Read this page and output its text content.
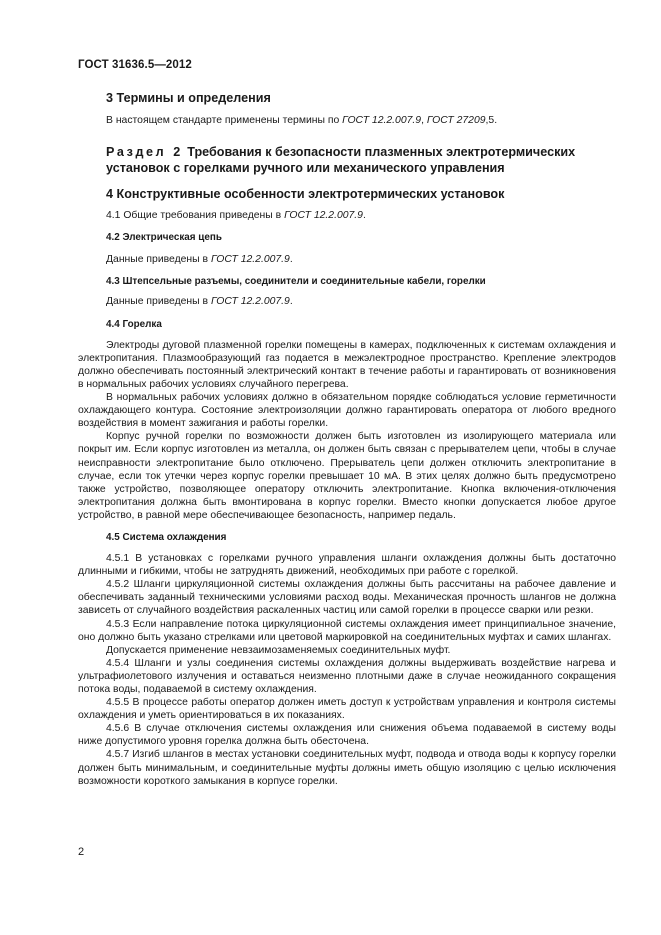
ГОСТ 31636.5—2012
3 Термины и определения
В настоящем стандарте применены термины по ГОСТ 12.2.007.9, ГОСТ 27209,5.
Раздел 2 Требования к безопасности плазменных электротермических установок с горелками ручного или механического управления
4 Конструктивные особенности электротермических установок
4.1 Общие требования приведены в ГОСТ 12.2.007.9.
4.2 Электрическая цепь
Данные приведены в ГОСТ 12.2.007.9.
4.3 Штепсельные разъемы, соединители и соединительные кабели, горелки
Данные приведены в ГОСТ 12.2.007.9.
4.4 Горелка
Электроды дуговой плазменной горелки помещены в камерах, подключенных к системам охлаждения и электропитания. Плазмообразующий газ подается в межэлектродное пространство. Крепление электродов должно обеспечивать постоянный электрический контакт в течение работы и гарантировать от возникновения в нормальных рабочих условиях случайного перегрева.
В нормальных рабочих условиях должно в обязательном порядке соблюдаться условие герметичности охлаждающего контура. Состояние электроизоляции должно гарантировать оператора от любого вредного воздействия в момент зажигания и работы горелки.
Корпус ручной горелки по возможности должен быть изготовлен из изолирующего материала или покрыт им. Если корпус изготовлен из металла, он должен быть связан с прерывателем цепи, чтобы в случае неисправности электропитание было отключено. Прерыватель цепи должен отключить электропитание в случае, если ток утечки через корпус горелки превышает 10 мА. В этих целях должно быть предусмотрено также устройство, позволяющее оператору отключить электропитание. Кнопка включения-отключения электропитания должна быть вмонтирована в корпус горелки. Вместо кнопки допускается любое другое устройство, в равной мере обеспечивающее безопасность, например педаль.
4.5 Система охлаждения
4.5.1 В установках с горелками ручного управления шланги охлаждения должны быть достаточно длинными и гибкими, чтобы не затруднять движений, необходимых при работе с горелкой.
4.5.2 Шланги циркуляционной системы охлаждения должны быть рассчитаны на рабочее давление и обеспечивать заданный техническими условиями расход воды. Механическая прочность шлангов не должна зависеть от случайного воздействия раскаленных частиц или самой горелки в процессе сварки или резки.
4.5.3 Если направление потока циркуляционной системы охлаждения имеет принципиальное значение, оно должно быть указано стрелками или цветовой маркировкой на соединительных муфтах и самих шлангах.
Допускается применение невзаимозаменяемых соединительных муфт.
4.5.4 Шланги и узлы соединения системы охлаждения должны выдерживать воздействие нагрева и ультрафиолетового излучения и оставаться неизменно плотными даже в случае неожиданного сокращения потока воды, подаваемой в систему охлаждения.
4.5.5 В процессе работы оператор должен иметь доступ к устройствам управления и контроля системы охлаждения и уметь ориентироваться в их показаниях.
4.5.6 В случае отключения системы охлаждения или снижения объема подаваемой в систему воды ниже допустимого уровня горелка должна быть обесточена.
4.5.7 Изгиб шлангов в местах установки соединительных муфт, подвода и отвода воды к корпусу горелки должен быть минимальным, и соединительные муфты должны иметь общую изоляцию с целью исключения возможности короткого замыкания в корпусе горелки.
2
